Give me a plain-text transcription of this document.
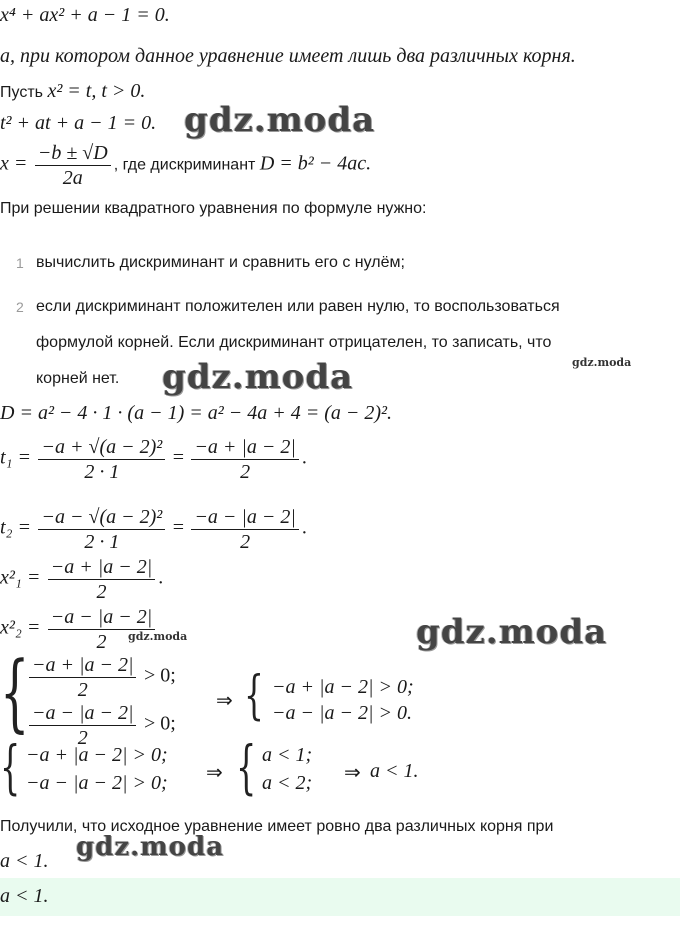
x⁴ + ax² + a − 1 = 0.
a, при котором данное уравнение имеет лишь два различных корня.
Пусть x² = t, t > 0.
t² + at + a − 1 = 0. gdz.moda
$x = \frac{-b \pm √D}{2a}$ , где дискриминант D = b² − 4ac.
При решении квадратного уравнения по формуле нужно:
1 вычислить дискриминант и сравнить его с нулём;
2 если дискриминант положителен или равен нулю, то воспользоваться
формулой корней. Если дискриминант отрицателен, то записать, что
корней нет.
gdz.moda
gdz.moda
D = a² − 4 · 1 · (a − 1) = a² − 4a + 4 = (a − 2)².
$t_1 = \frac{\text{−a + √(a − 2)²}}{2 \cdot 1} = \frac{-a + |a - 2|}{2}$ .
$t_2 = \frac{\text{−a − √(a − 2)²}}{2 \cdot 1} = \frac{-a - |a - 2|}{2}$ .
$x^2_1 = \frac{-a + |a - 2|}{2}$ .
$x^2_2 = \frac{-a - |a - 2|}{2}$
gdz.moda	gdz.moda
{ $\frac{-a + |a - 2|}{2} > 0$;
$\frac{-a - |a - 2|}{2} > 0$;
⇒ { −a + |a − 2| > 0;
−a − |a − 2| > 0.
{ −a + |a − 2| > 0;
−a − |a − 2| > 0; ⇒ { a < 1;
a < 2; ⇒ a < 1.
Получили, что исходное уравнение имеет ровно два различных корня при
a < 1. gdz.moda
a < 1.
